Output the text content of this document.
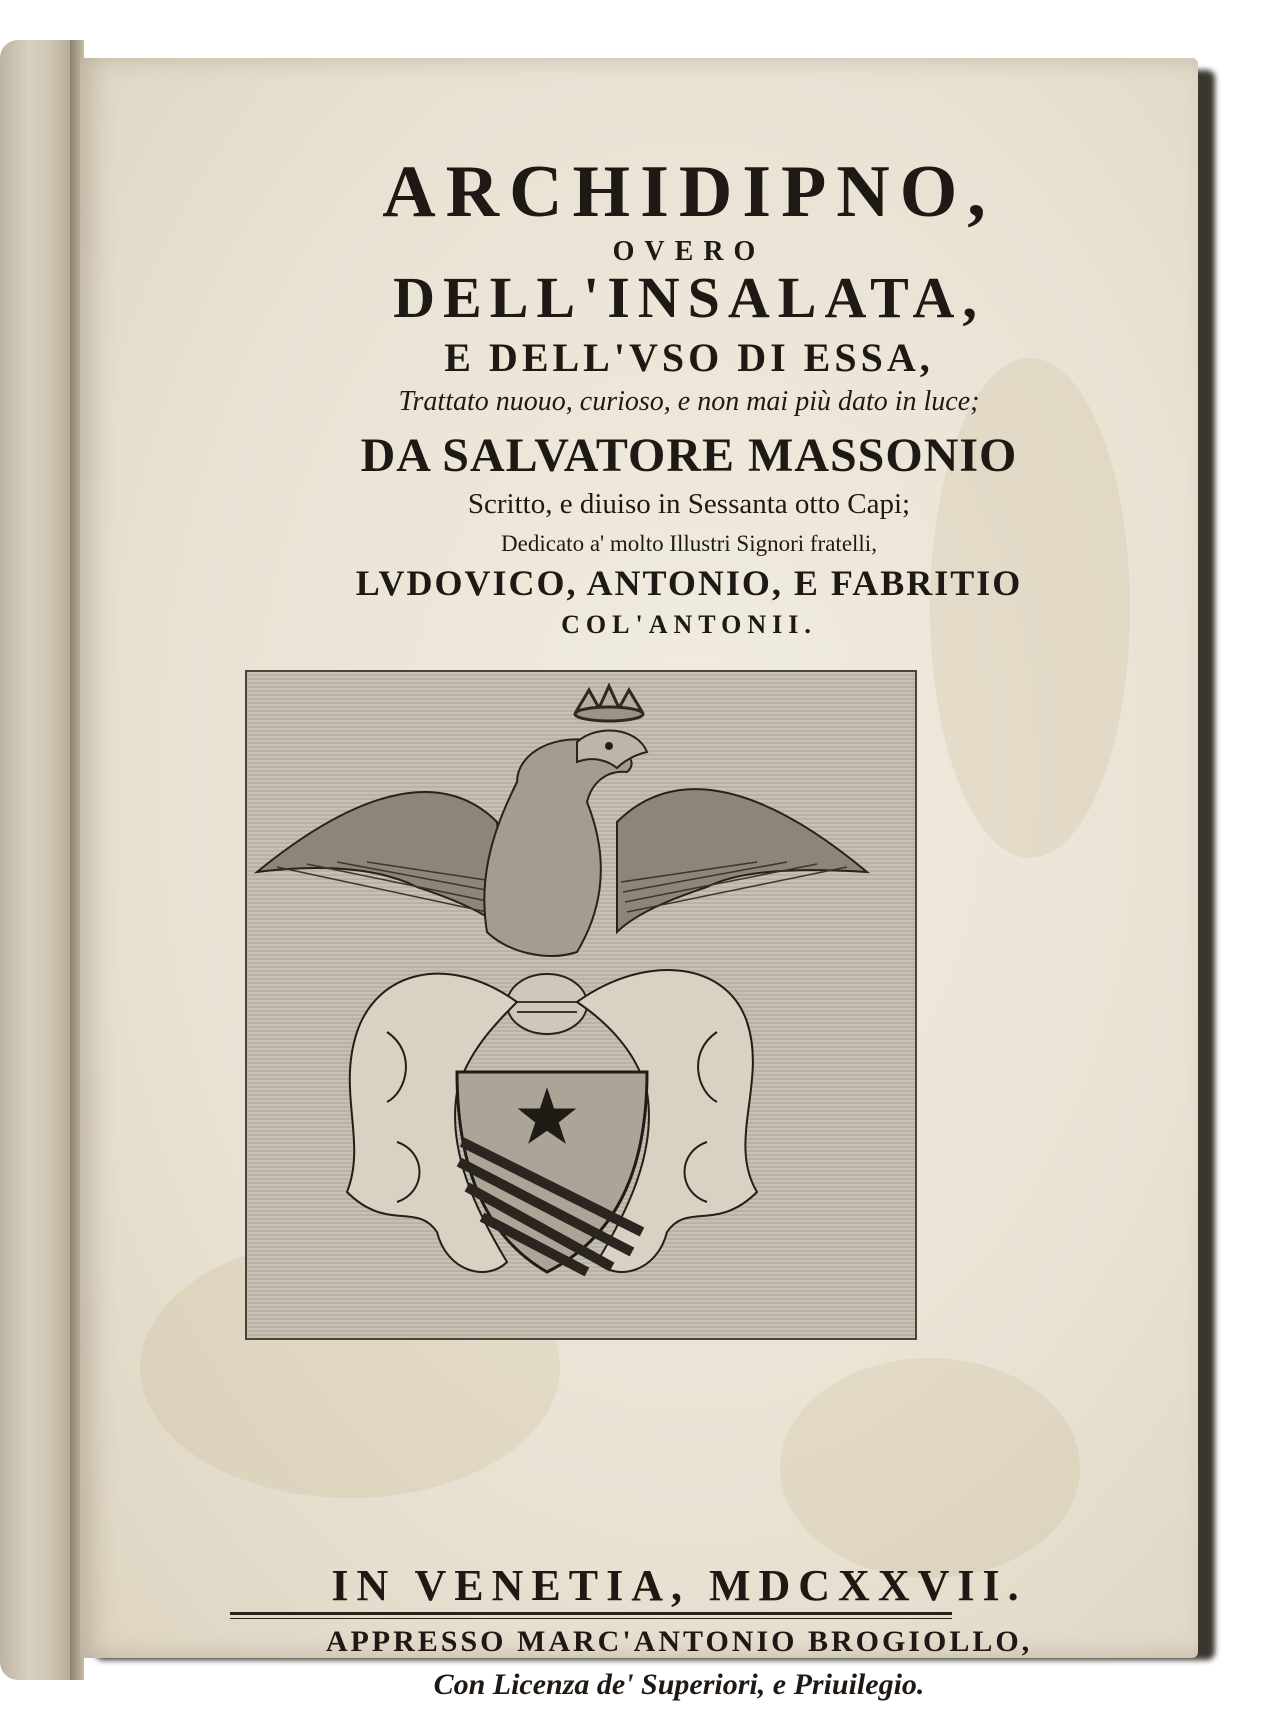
ARCHIDIPNO,
OVERO
DELL'INSALATA,
E DELL'VSO DI ESSA,
Trattato nuouo, curioso, e non mai più dato in luce;
DA SALVATORE MASSONIO
Scritto, e diuiso in Sessanta otto Capi;
Dedicato a' molto Illustri Signori fratelli,
LVDOVICO, ANTONIO, E FABRITIO
COL'ANTONII.
IN VENETIA, MDCXXVII.
APPRESSO MARC'ANTONIO BROGIOLLO,
Con Licenza de' Superiori, e Priuilegio.
